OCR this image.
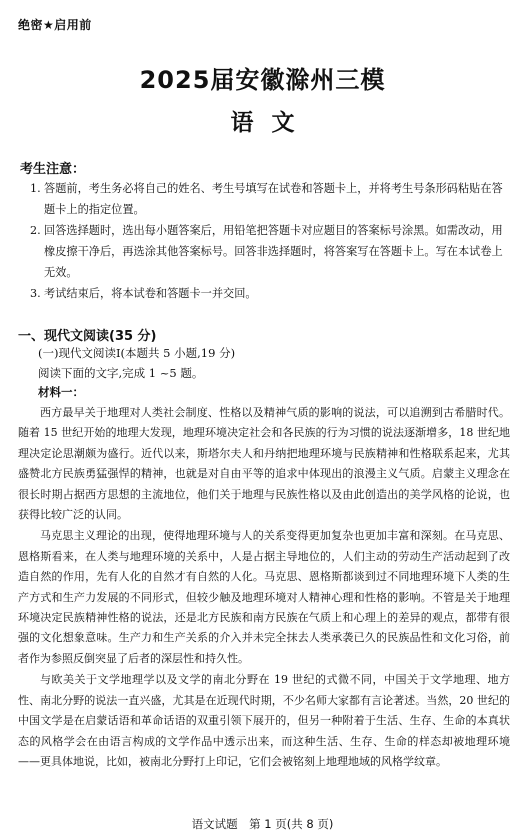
绝密★启用前
2025届安徽滁州三模
语文
考生注意：
1. 答题前，考生务必将自己的姓名、考生号填写在试卷和答题卡上，并将考生号条形码粘贴在答题卡上的指定位置。
2. 回答选择题时，选出每小题答案后，用铅笔把答题卡对应题目的答案标号涂黑。如需改动，用橡皮擦干净后，再选涂其他答案标号。回答非选择题时，将答案写在答题卡上。写在本试卷上无效。
3. 考试结束后，将本试卷和答题卡一并交回。
一、现代文阅读(35 分)
(一)现代文阅读Ⅰ(本题共 5 小题,19 分)
阅读下面的文字,完成 1 ~5 题。
材料一：

西方最早关于地理对人类社会制度、性格以及精神气质的影响的说法，可以追溯到古希腊时代。随着 15 世纪开始的地理大发现，地理环境决定社会和各民族的行为习惯的说法逐渐增多，18 世纪地理决定论思潮颇为盛行。近代以来，斯塔尔夫人和丹纳把地理环境与民族精神和性格联系起来，尤其盛赞北方民族勇猛强悍的精神，也就是对自由平等的追求中体现出的浪漫主义气质。启蒙主义理念在很长时期占据西方思想的主流地位，他们关于地理与民族性格以及由此创造出的美学风格的论说，也获得比较广泛的认同。

马克思主义理论的出现，使得地理环境与人的关系变得更加复杂也更加丰富和深刻。在马克思、恩格斯看来，在人类与地理环境的关系中，人是占据主导地位的，人们主动的劳动生产活动起到了改造自然的作用，先有人化的自然才有自然的人化。马克思、恩格斯都谈到过不同地理环境下人类的生产方式和生产力发展的不同形式，但较少触及地理环境对人精神心理和性格的影响。不管是关于地理环境决定民族精神性格的说法，还是北方民族和南方民族在气质上和心理上的差异的观点，都带有很强的文化想象意味。生产力和生产关系的介入并未完全抹去人类承袭已久的民族品性和文化习俗，前者作为参照反倒突显了后者的深层性和持久性。

与欧美关于文学地理学以及文学的南北分野在 19 世纪的式微不同，中国关于文学地理、地方性、南北分野的说法一直兴盛，尤其是在近现代时期，不少名师大家都有言论著述。当然，20 世纪的中国文学是在启蒙话语和革命话语的双重引领下展开的，但另一种附着于生活、生存、生命的本真状态的风格学会在由语言构成的文学作品中透示出来，而这种生活、生存、生命的样态却被地理环境——更具体地说，比如，被南北分野打上印记，它们会被铭刻上地理地域的风格学纹章。

语文试题　第 1 页(共 8 页)
